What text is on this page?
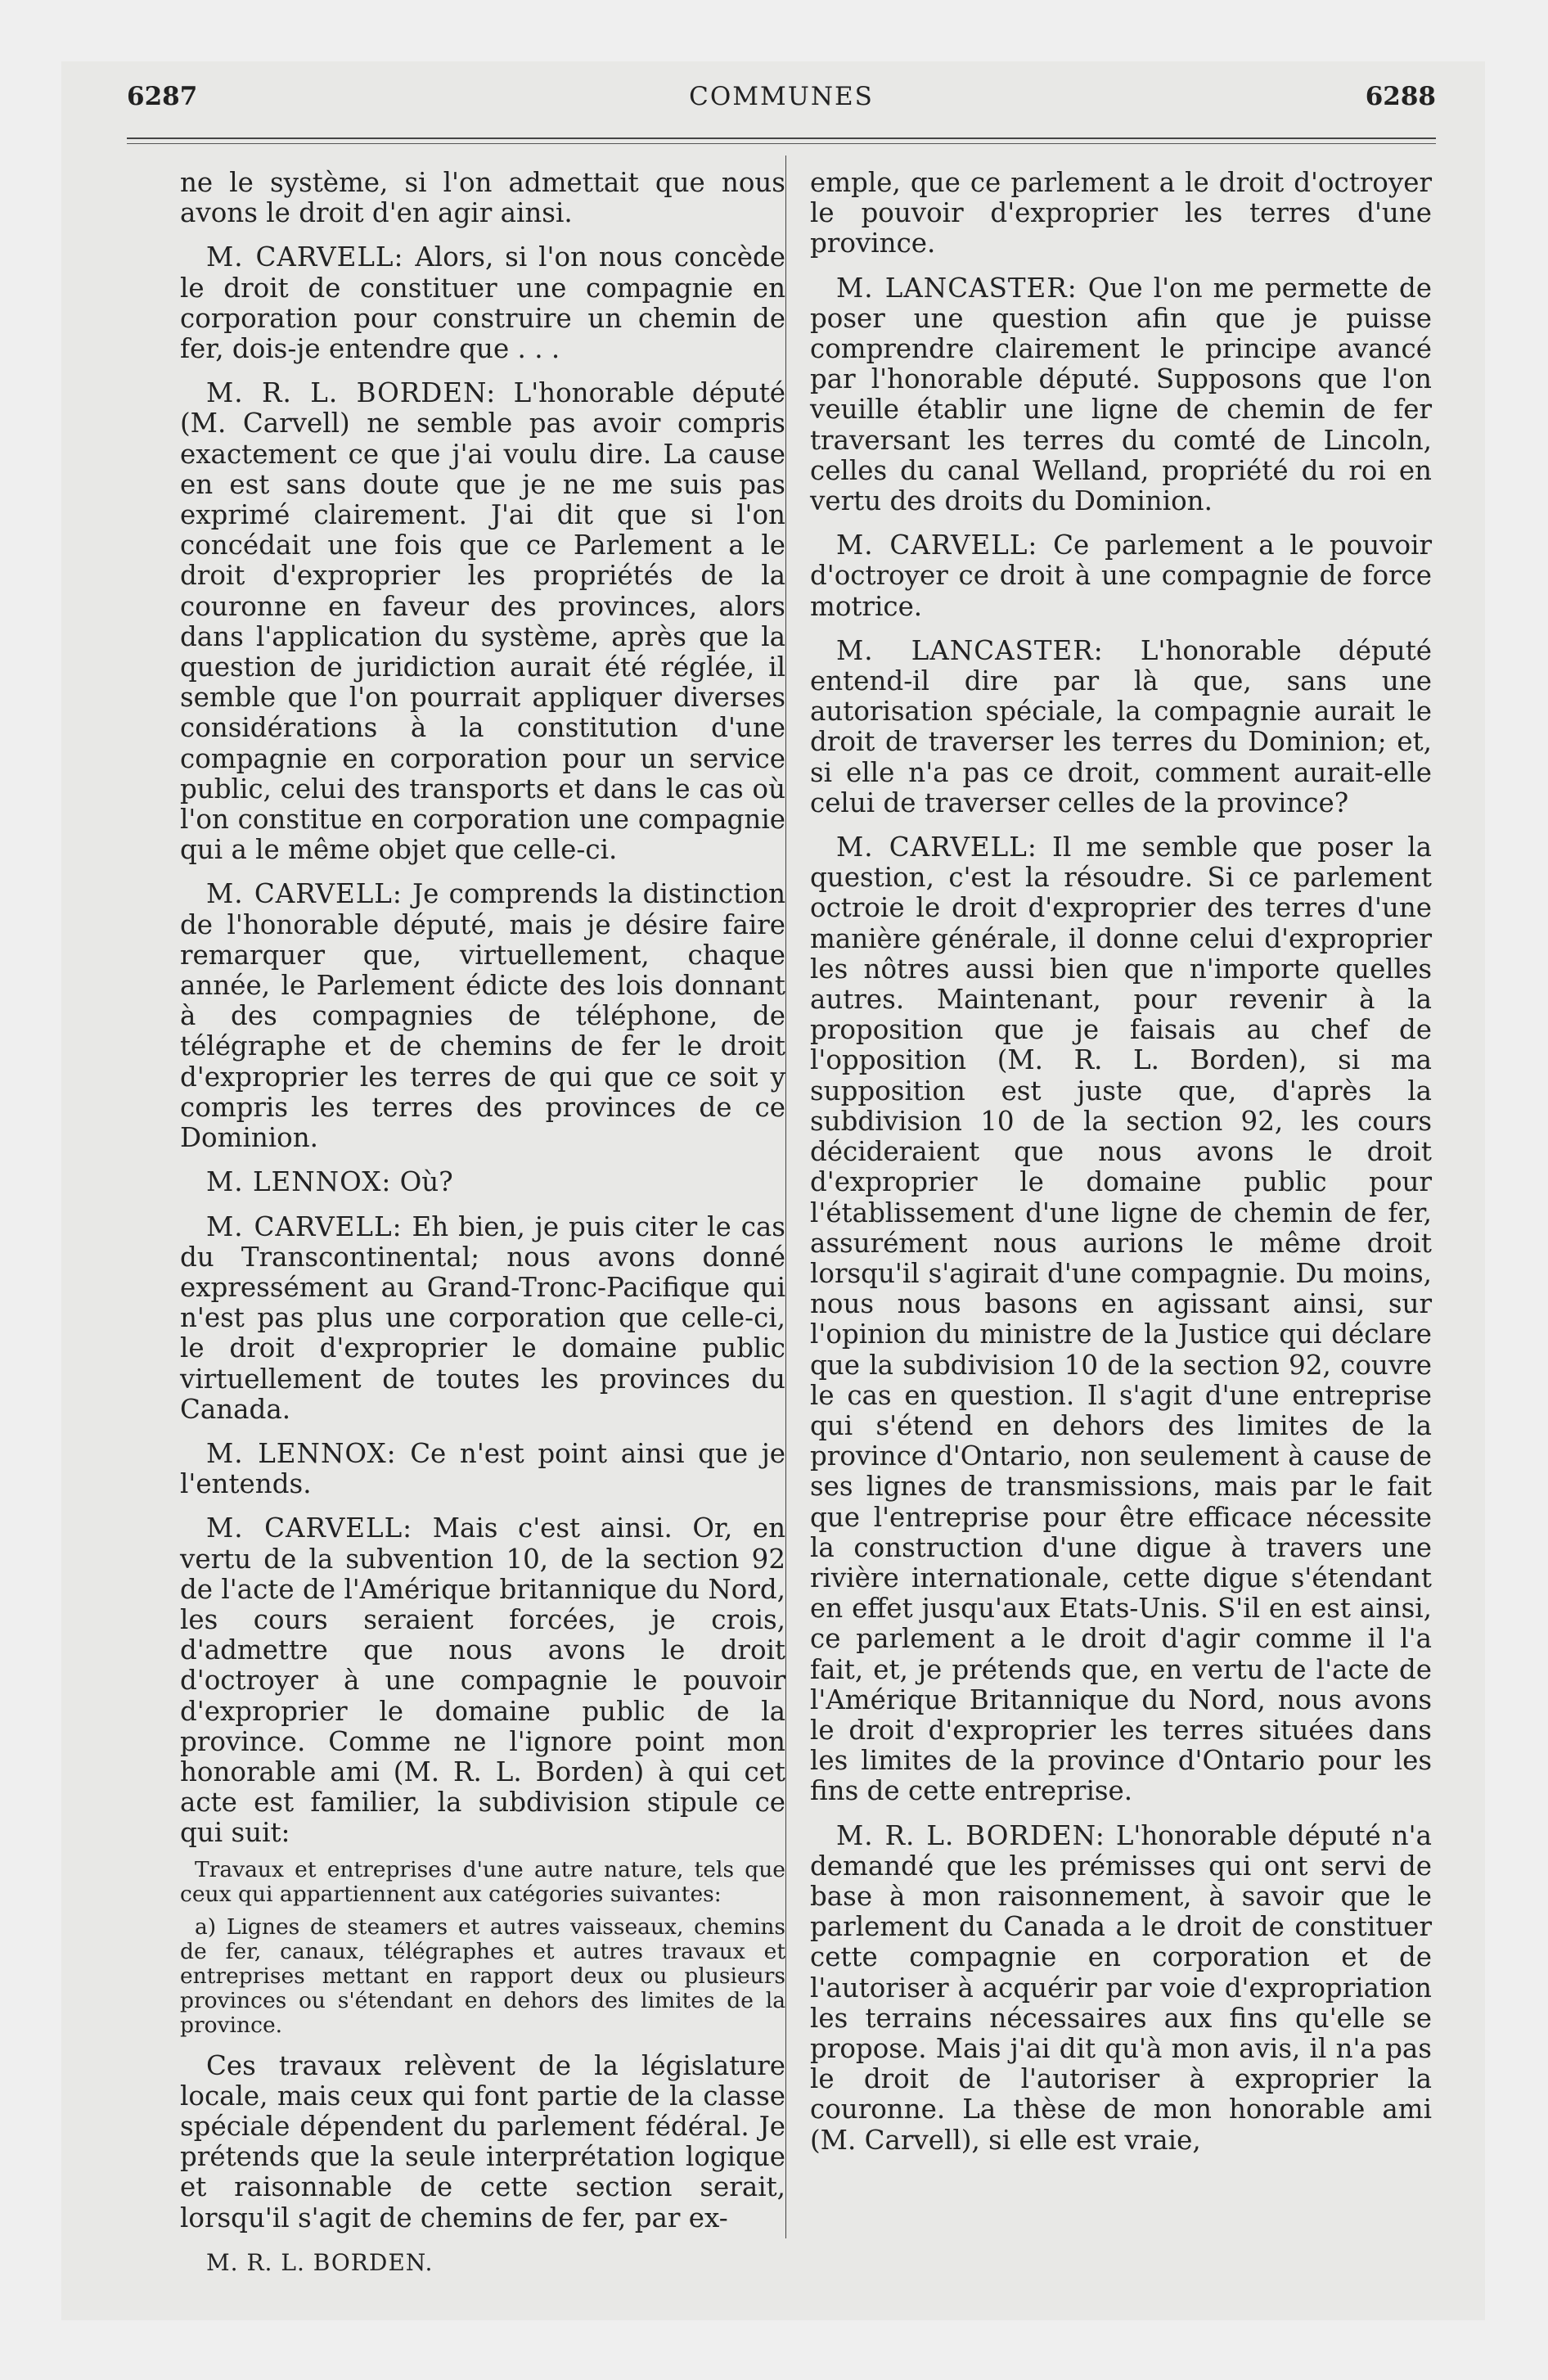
6287	COMMUNES	6288

ne le système, si l'on admettait que nous avons le droit d'en agir ainsi.

M. CARVELL: Alors, si l'on nous concède le droit de constituer une compagnie en corporation pour construire un chemin de fer, dois-je entendre que . . .

M. R. L. BORDEN: L'honorable député (M. Carvell) ne semble pas avoir compris exactement ce que j'ai voulu dire. La cause en est sans doute que je ne me suis pas exprimé clairement. J'ai dit que si l'on concédait une fois que ce Parlement a le droit d'exproprier les propriétés de la couronne en faveur des provinces, alors dans l'application du système, après que la question de juridiction aurait été réglée, il semble que l'on pourrait appliquer diverses considérations à la constitution d'une compagnie en corporation pour un service public, celui des transports et dans le cas où l'on constitue en corporation une compagnie qui a le même objet que celle-ci.

M. CARVELL: Je comprends la distinction de l'honorable député, mais je désire faire remarquer que, virtuellement, chaque année, le Parlement édicte des lois donnant à des compagnies de téléphone, de télégraphe et de chemins de fer le droit d'exproprier les terres de qui que ce soit y compris les terres des provinces de ce Dominion.

M. LENNOX: Où?

M. CARVELL: Eh bien, je puis citer le cas du Transcontinental; nous avons donné expressément au Grand-Tronc-Pacifique qui n'est pas plus une corporation que celle-ci, le droit d'exproprier le domaine public virtuellement de toutes les provinces du Canada.

M. LENNOX: Ce n'est point ainsi que je l'entends.

M. CARVELL: Mais c'est ainsi. Or, en vertu de la subvention 10, de la section 92 de l'acte de l'Amérique britannique du Nord, les cours seraient forcées, je crois, d'admettre que nous avons le droit d'octroyer à une compagnie le pouvoir d'exproprier le domaine public de la province. Comme ne l'ignore point mon honorable ami (M. R. L. Borden) à qui cet acte est familier, la subdivision stipule ce qui suit:

Travaux et entreprises d'une autre nature, tels que ceux qui appartiennent aux catégories suivantes:

a) Lignes de steamers et autres vaisseaux, chemins de fer, canaux, télégraphes et autres travaux et entreprises mettant en rapport deux ou plusieurs provinces ou s'étendant en dehors des limites de la province.

Ces travaux relèvent de la législature locale, mais ceux qui font partie de la classe spéciale dépendent du parlement fédéral. Je prétends que la seule interprétation logique et raisonnable de cette section serait, lorsqu'il s'agit de chemins de fer, par ex-

M. R. L. BORDEN.

emple, que ce parlement a le droit d'octroyer le pouvoir d'exproprier les terres d'une province.

M. LANCASTER: Que l'on me permette de poser une question afin que je puisse comprendre clairement le principe avancé par l'honorable député. Supposons que l'on veuille établir une ligne de chemin de fer traversant les terres du comté de Lincoln, celles du canal Welland, propriété du roi en vertu des droits du Dominion.

M. CARVELL: Ce parlement a le pouvoir d'octroyer ce droit à une compagnie de force motrice.

M. LANCASTER: L'honorable député entend-il dire par là que, sans une autorisation spéciale, la compagnie aurait le droit de traverser les terres du Dominion; et, si elle n'a pas ce droit, comment aurait-elle celui de traverser celles de la province?

M. CARVELL: Il me semble que poser la question, c'est la résoudre. Si ce parlement octroie le droit d'exproprier des terres d'une manière générale, il donne celui d'exproprier les nôtres aussi bien que n'importe quelles autres. Maintenant, pour revenir à la proposition que je faisais au chef de l'opposition (M. R. L. Borden), si ma supposition est juste que, d'après la subdivision 10 de la section 92, les cours décideraient que nous avons le droit d'exproprier le domaine public pour l'établissement d'une ligne de chemin de fer, assurément nous aurions le même droit lorsqu'il s'agirait d'une compagnie. Du moins, nous nous basons en agissant ainsi, sur l'opinion du ministre de la Justice qui déclare que la subdivision 10 de la section 92, couvre le cas en question. Il s'agit d'une entreprise qui s'étend en dehors des limites de la province d'Ontario, non seulement à cause de ses lignes de transmissions, mais par le fait que l'entreprise pour être efficace nécessite la construction d'une digue à travers une rivière internationale, cette digue s'étendant en effet jusqu'aux Etats-Unis. S'il en est ainsi, ce parlement a le droit d'agir comme il l'a fait, et, je prétends que, en vertu de l'acte de l'Amérique Britannique du Nord, nous avons le droit d'exproprier les terres situées dans les limites de la province d'Ontario pour les fins de cette entreprise.

M. R. L. BORDEN: L'honorable député n'a demandé que les prémisses qui ont servi de base à mon raisonnement, à savoir que le parlement du Canada a le droit de constituer cette compagnie en corporation et de l'autoriser à acquérir par voie d'expropriation les terrains nécessaires aux fins qu'elle se propose. Mais j'ai dit qu'à mon avis, il n'a pas le droit de l'autoriser à exproprier la couronne. La thèse de mon honorable ami (M. Carvell), si elle est vraie,
